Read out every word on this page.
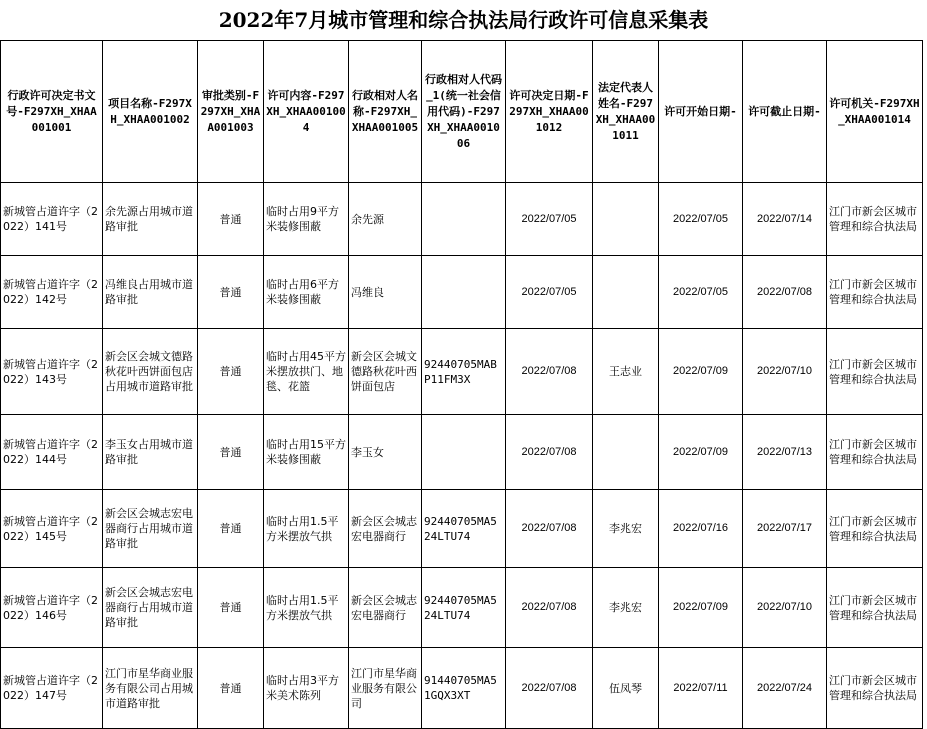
2022年7月城市管理和综合执法局行政许可信息采集表
行政许可决定书文号-F297XH_XHAA001001	项目名称-F297XH_XHAA001002	审批类别-F297XH_XHAA001003	许可内容-F297XH_XHAA001004	行政相对人名称-F297XH_XHAA001005	行政相对人代码_1(统一社会信用代码)-F297XH_XHAA001006	许可决定日期-F297XH_XHAA001012	法定代表人姓名-F297XH_XHAA001011	许可开始日期-	许可截止日期-	许可机关-F297XH_XHAA001014
新城管占道许字（2022）141号	余先源占用城市道路审批	普通	临时占用9平方米装修围蔽	余先源		2022/07/05		2022/07/05	2022/07/14	江门市新会区城市管理和综合执法局
新城管占道许字（2022）142号	冯维良占用城市道路审批	普通	临时占用6平方米装修围蔽	冯维良		2022/07/05		2022/07/05	2022/07/08	江门市新会区城市管理和综合执法局
新城管占道许字（2022）143号	新会区会城文德路秋花叶西饼面包店占用城市道路审批	普通	临时占用45平方米摆放拱门、地毯、花篮	新会区会城文德路秋花叶西饼面包店	92440705MABP11FM3X	2022/07/08	王志业	2022/07/09	2022/07/10	江门市新会区城市管理和综合执法局
新城管占道许字（2022）144号	李玉女占用城市道路审批	普通	临时占用15平方米装修围蔽	李玉女		2022/07/08		2022/07/09	2022/07/13	江门市新会区城市管理和综合执法局
新城管占道许字（2022）145号	新会区会城志宏电器商行占用城市道路审批	普通	临时占用1.5平方米摆放气拱	新会区会城志宏电器商行	92440705MA524LTU74	2022/07/08	李兆宏	2022/07/16	2022/07/17	江门市新会区城市管理和综合执法局
新城管占道许字（2022）146号	新会区会城志宏电器商行占用城市道路审批	普通	临时占用1.5平方米摆放气拱	新会区会城志宏电器商行	92440705MA524LTU74	2022/07/08	李兆宏	2022/07/09	2022/07/10	江门市新会区城市管理和综合执法局
新城管占道许字（2022）147号	江门市星华商业服务有限公司占用城市道路审批	普通	临时占用3平方米美术陈列	江门市星华商业服务有限公司	91440705MA51GQX3XT	2022/07/08	伍凤琴	2022/07/11	2022/07/24	江门市新会区城市管理和综合执法局
